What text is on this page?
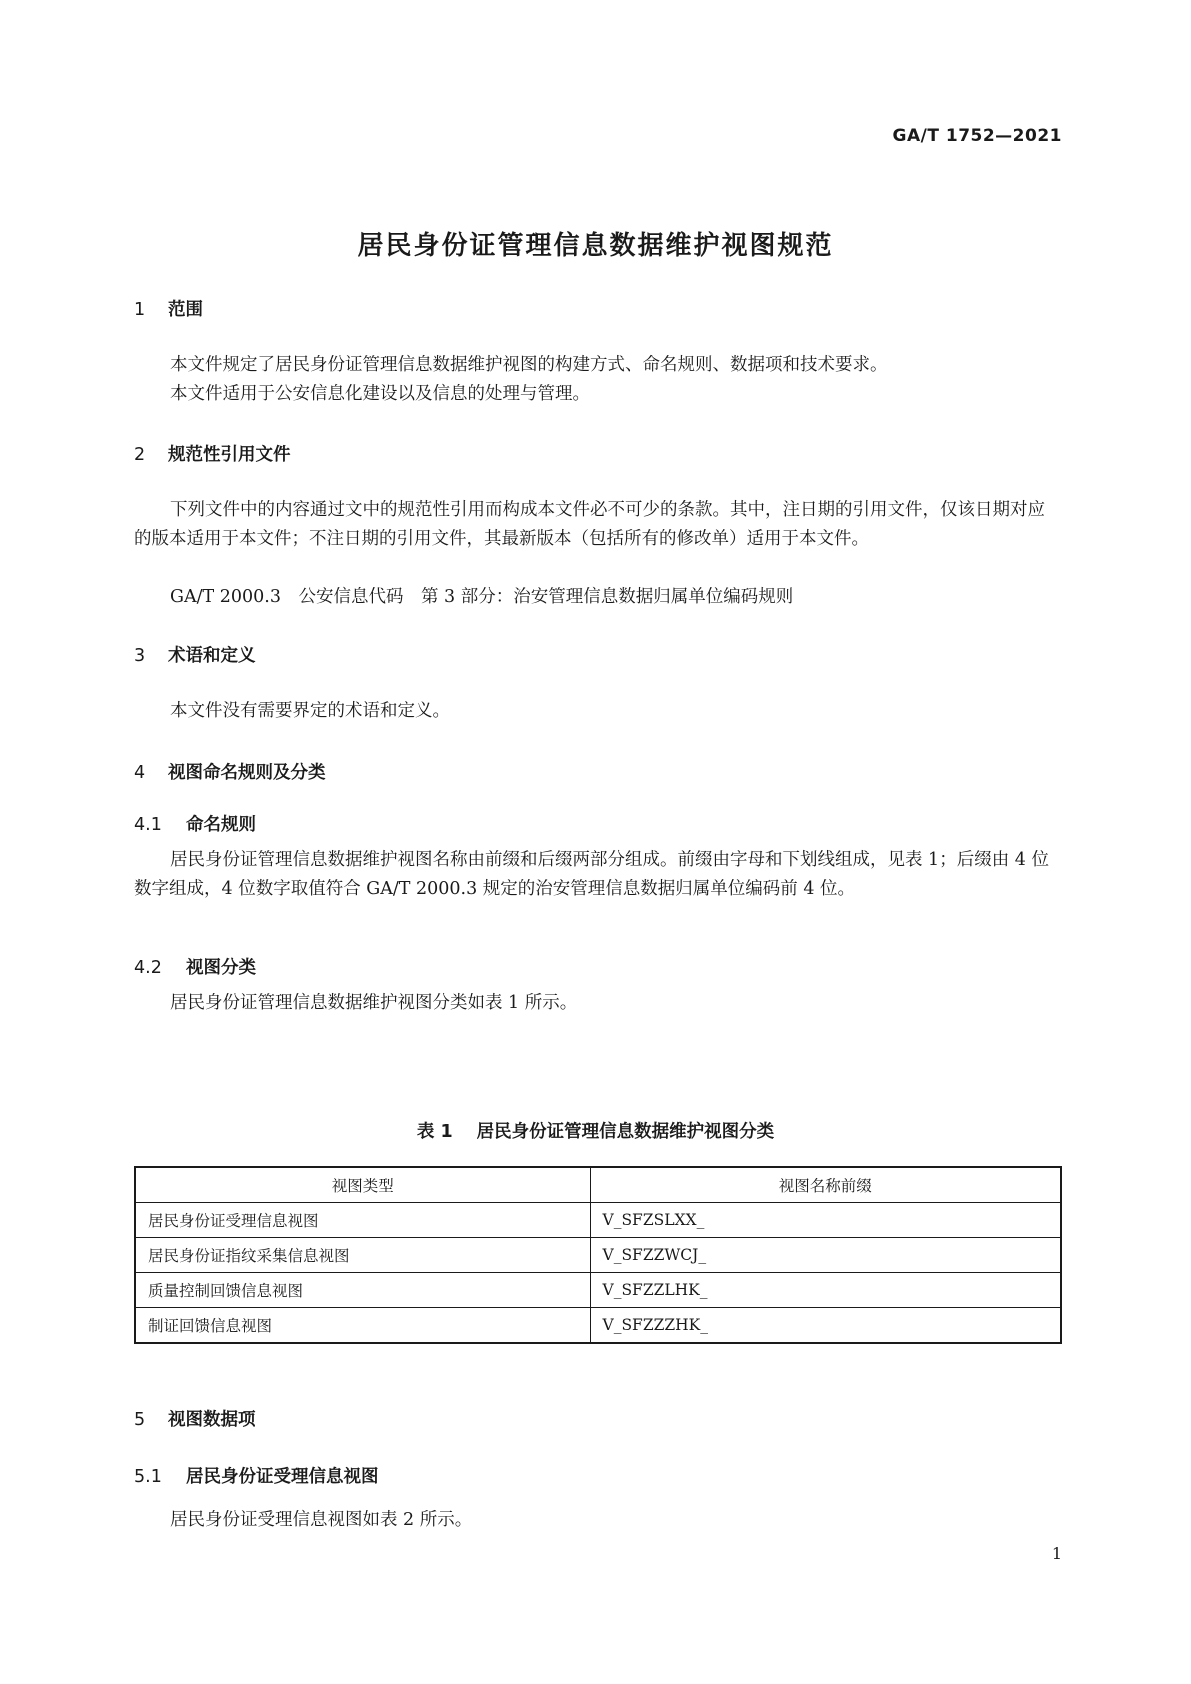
GA/T 1752—2021
居民身份证管理信息数据维护视图规范
1 范围
本文件规定了居民身份证管理信息数据维护视图的构建方式、命名规则、数据项和技术要求。
本文件适用于公安信息化建设以及信息的处理与管理。
2 规范性引用文件
下列文件中的内容通过文中的规范性引用而构成本文件必不可少的条款。其中，注日期的引用文件，仅该日期对应的版本适用于本文件；不注日期的引用文件，其最新版本（包括所有的修改单）适用于本文件。
GA/T 2000.3　公安信息代码　第 3 部分：治安管理信息数据归属单位编码规则
3 术语和定义
本文件没有需要界定的术语和定义。
4 视图命名规则及分类
4.1 命名规则
居民身份证管理信息数据维护视图名称由前缀和后缀两部分组成。前缀由字母和下划线组成，见表 1；后缀由 4 位数字组成，4 位数字取值符合 GA/T 2000.3 规定的治安管理信息数据归属单位编码前 4 位。
4.2 视图分类
居民身份证管理信息数据维护视图分类如表 1 所示。
表 1 居民身份证管理信息数据维护视图分类
视图类型	视图名称前缀
居民身份证受理信息视图	V_SFZSLXX_
居民身份证指纹采集信息视图	V_SFZZWCJ_
质量控制回馈信息视图	V_SFZZLHK_
制证回馈信息视图	V_SFZZZHK_
5 视图数据项
5.1 居民身份证受理信息视图
居民身份证受理信息视图如表 2 所示。
1
